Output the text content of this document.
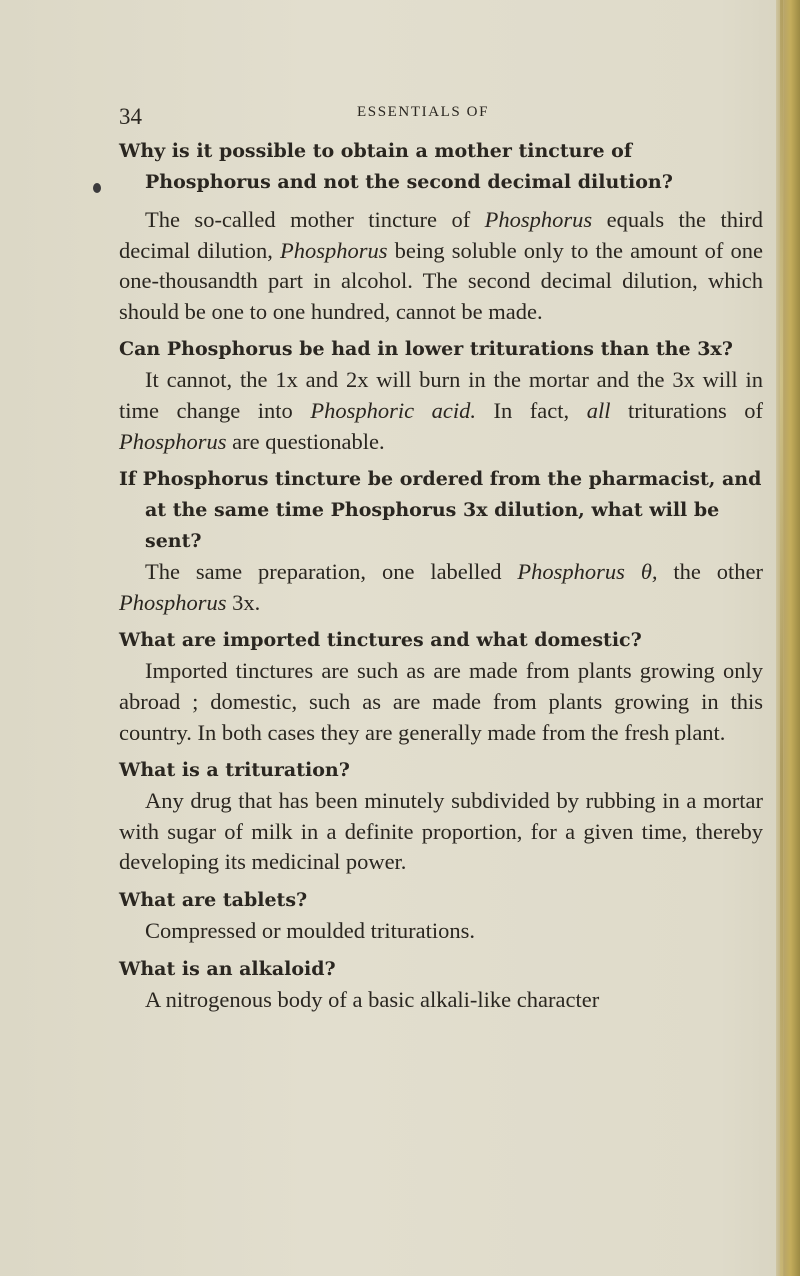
34	ESSENTIALS OF

Why is it possible to obtain a mother tincture of Phosphorus and not the second decimal dilution?

The so-called mother tincture of Phosphorus equals the third decimal dilution, Phosphorus being soluble only to the amount of one one-thousandth part in alcohol. The second decimal dilution, which should be one to one hundred, cannot be made.

Can Phosphorus be had in lower triturations than the 3x?

It cannot, the 1x and 2x will burn in the mortar and the 3x will in time change into Phosphoric acid. In fact, all triturations of Phosphorus are questionable.

If Phosphorus tincture be ordered from the pharmacist, and at the same time Phosphorus 3x dilution, what will be sent?

The same preparation, one labelled Phosphorus θ, the other Phosphorus 3x.

What are imported tinctures and what domestic?

Imported tinctures are such as are made from plants growing only abroad ; domestic, such as are made from plants growing in this country. In both cases they are generally made from the fresh plant.

What is a trituration?

Any drug that has been minutely subdivided by rubbing in a mortar with sugar of milk in a definite proportion, for a given time, thereby developing its medicinal power.

What are tablets?

Compressed or moulded triturations.

What is an alkaloid?

A nitrogenous body of a basic alkali-like character
